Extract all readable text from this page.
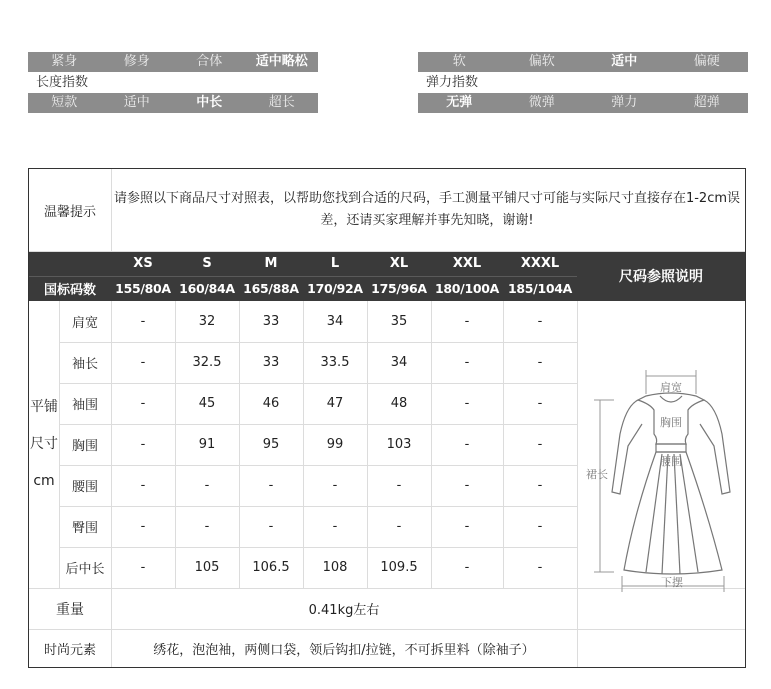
紧身	修身	合体	适中略松
长度指数
短款	适中	中长	超长
软	偏软	适中	偏硬
弹力指数
无弹	微弹	弹力	超弹
温馨提示
请参照以下商品尺寸对照表，以帮助您找到合适的尺码，手工测量平铺尺寸可能与实际尺寸直接存在1-2cm误差，还请买家理解并事先知晓，谢谢!
XS	S	M	L	XL	XXL	XXXL
国标码数	155/80A 160/84A 165/88A 170/92A 175/96A 180/100A 185/104A
尺码参照说明
平铺
尺寸
cm
肩宽	-	32	33	34	35	-	-
袖长	-	32.5	33	33.5	34	-	-
袖围	-	45	46	47	48	-	-
胸围	-	91	95	99	103	-	-
腰围	-	-	-	-	-	-	-
臀围	-	-	-	-	-	-	-
后中长	-	105	106.5	108	109.5	-	-
重量	0.41kg左右
时尚元素	绣花，泡泡袖，两侧口袋，领后钩扣/拉链，不可拆里料（除袖子）
肩宽
胸围
腰围
裙长
下摆
